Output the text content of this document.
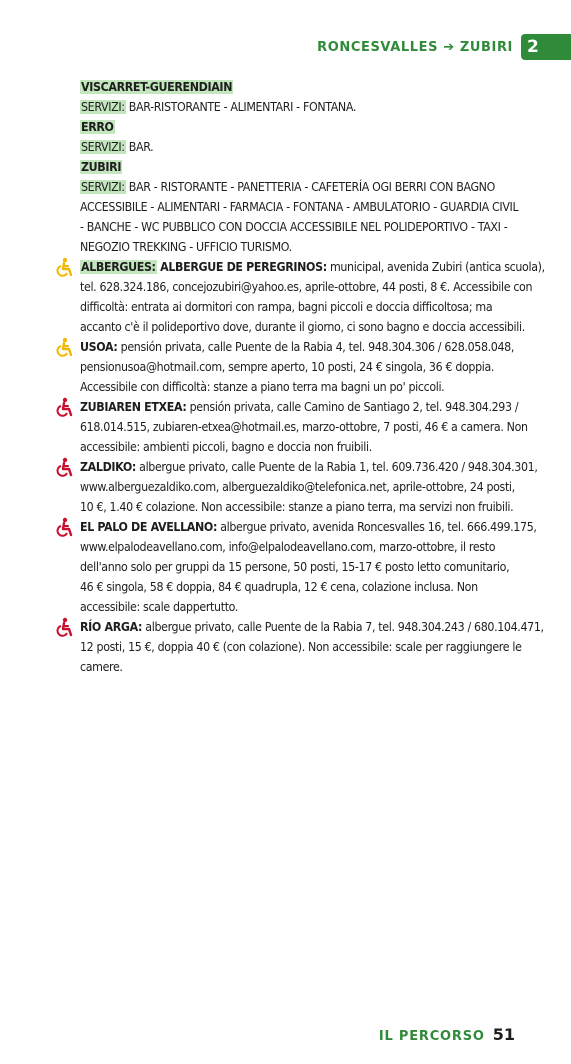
RONCESVALLES ➔ ZUBIRI 2
VISCARRET-GUERENDIAIN
SERVIZI: BAR-RISTORANTE - ALIMENTARI - FONTANA.
ERRO
SERVIZI: BAR.
ZUBIRI
SERVIZI: BAR - RISTORANTE - PANETTERIA - CAFETERÍA OGI BERRI CON BAGNO
ACCESSIBILE - ALIMENTARI - FARMACIA - FONTANA - AMBULATORIO - GUARDIA CIVIL
- BANCHE - WC PUBBLICO CON DOCCIA ACCESSIBILE NEL POLIDEPORTIVO - TAXI -
NEGOZIO TREKKING - UFFICIO TURISMO.
ALBERGUES: ALBERGUE DE PEREGRINOS: municipal, avenida Zubiri (antica scuola),
tel. 628.324.186, concejozubiri@yahoo.es, aprile-ottobre, 44 posti, 8 €. Accessibile con
difficoltà: entrata ai dormitori con rampa, bagni piccoli e doccia difficoltosa; ma
accanto c'è il polideportivo dove, durante il giorno, ci sono bagno e doccia accessibili.
USOA: pensión privata, calle Puente de la Rabia 4, tel. 948.304.306 / 628.058.048,
pensionusoa@hotmail.com, sempre aperto, 10 posti, 24 € singola, 36 € doppia.
Accessibile con difficoltà: stanze a piano terra ma bagni un po' piccoli.
ZUBIAREN ETXEA: pensión privata, calle Camino de Santiago 2, tel. 948.304.293 /
618.014.515, zubiaren-etxea@hotmail.es, marzo-ottobre, 7 posti, 46 € a camera. Non
accessibile: ambienti piccoli, bagno e doccia non fruibili.
ZALDIKO: albergue privato, calle Puente de la Rabia 1, tel. 609.736.420 / 948.304.301,
www.alberguezaldiko.com, alberguezaldiko@telefonica.net, aprile-ottobre, 24 posti,
10 €, 1.40 € colazione. Non accessibile: stanze a piano terra, ma servizi non fruibili.
EL PALO DE AVELLANO: albergue privato, avenida Roncesvalles 16, tel. 666.499.175,
www.elpalodeavellano.com, info@elpalodeavellano.com, marzo-ottobre, il resto
dell'anno solo per gruppi da 15 persone, 50 posti, 15-17 € posto letto comunitario,
46 € singola, 58 € doppia, 84 € quadrupla, 12 € cena, colazione inclusa. Non
accessibile: scale dappertutto.
RÍO ARGA: albergue privato, calle Puente de la Rabia 7, tel. 948.304.243 / 680.104.471,
12 posti, 15 €, doppia 40 € (con colazione). Non accessibile: scale per raggiungere le
camere.
IL PERCORSO 51
